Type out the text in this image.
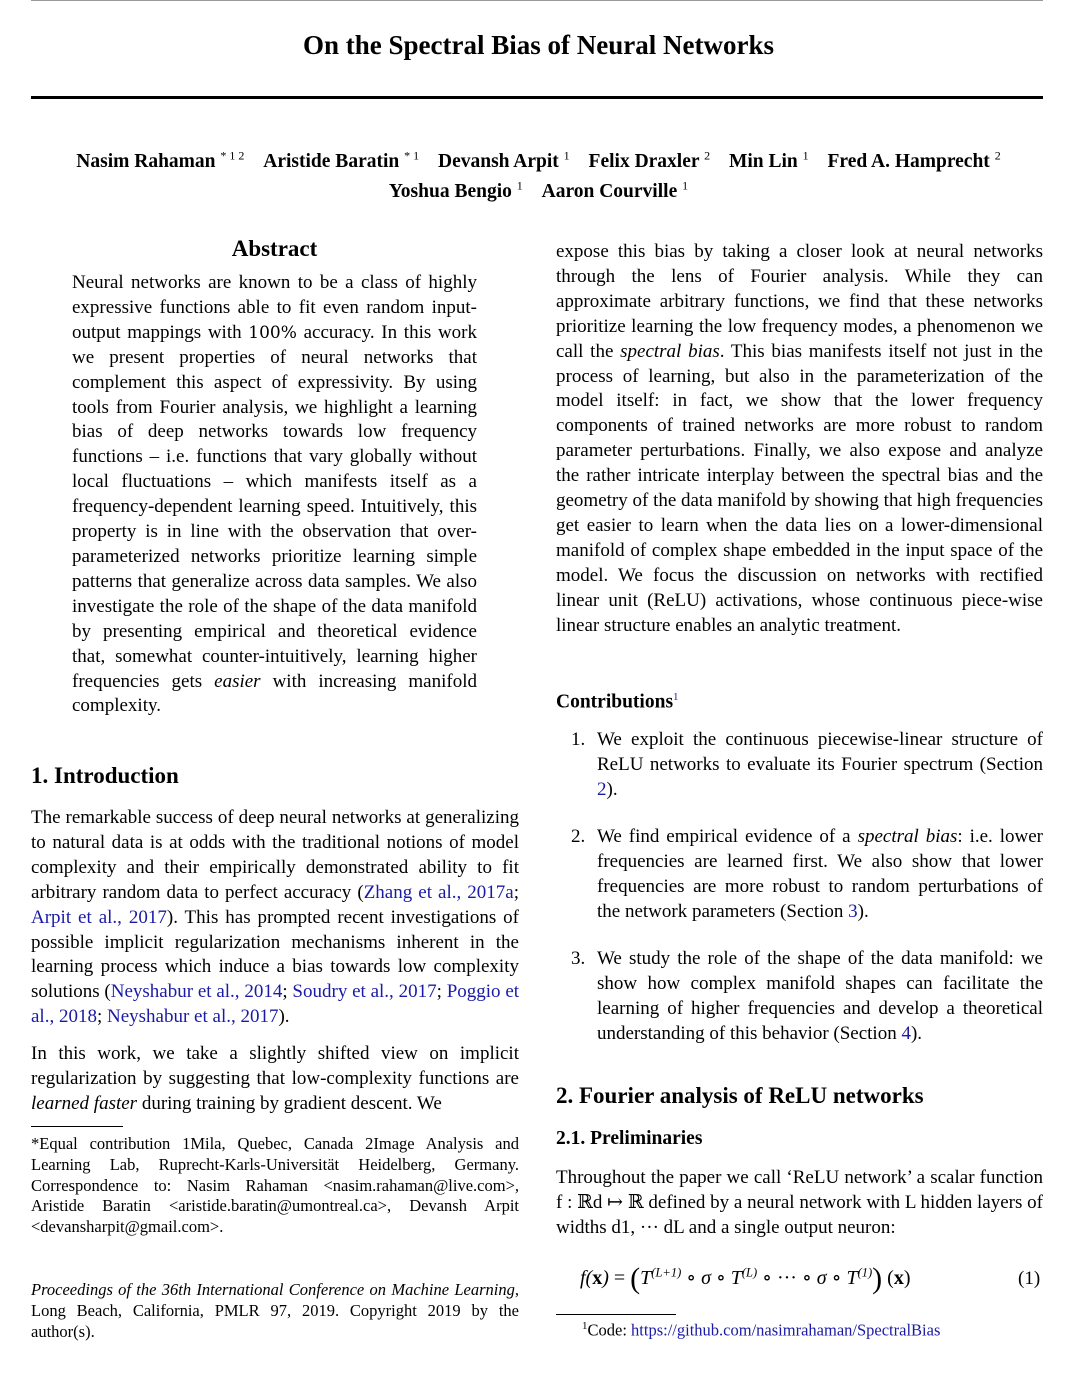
On the Spectral Bias of Neural Networks
Nasim Rahaman $^{* 1 2}$ Aristide Baratin $^{* 1}$ Devansh Arpit $^1$ Felix Draxler $^2$ Min Lin $^1$ Fred A. Hamprecht $^2$
Yoshua Bengio $^1$ Aaron Courville $^1$
Abstract
Neural networks are known to be a class of highly expressive functions able to fit even random input-output mappings with 100% accuracy. In this work we present properties of neural networks that complement this aspect of expressivity. By using tools from Fourier analysis, we highlight a learning bias of deep networks towards low frequency functions – i.e. functions that vary globally without local fluctuations – which manifests itself as a frequency-dependent learning speed. Intuitively, this property is in line with the observation that over-parameterized networks prioritize learning simple patterns that generalize across data samples. We also investigate the role of the shape of the data manifold by presenting empirical and theoretical evidence that, somewhat counter-intuitively, learning higher frequencies gets easier with increasing manifold complexity.
1. Introduction
The remarkable success of deep neural networks at generalizing to natural data is at odds with the traditional notions of model complexity and their empirically demonstrated ability to fit arbitrary random data to perfect accuracy (Zhang et al., 2017a; Arpit et al., 2017). This has prompted recent investigations of possible implicit regularization mechanisms inherent in the learning process which induce a bias towards low complexity solutions (Neyshabur et al., 2014; Soudry et al., 2017; Poggio et al., 2018; Neyshabur et al., 2017).
In this work, we take a slightly shifted view on implicit regularization by suggesting that low-complexity functions are learned faster during training by gradient descent. We
*Equal contribution 1Mila, Quebec, Canada 2Image Analysis and Learning Lab, Ruprecht-Karls-Universität Heidelberg, Germany. Correspondence to: Nasim Rahaman <nasim.rahaman@live.com>, Aristide Baratin <aristide.baratin@umontreal.ca>, Devansh Arpit <devansharpit@gmail.com>.
Proceedings of the 36th International Conference on Machine Learning, Long Beach, California, PMLR 97, 2019. Copyright 2019 by the author(s).
expose this bias by taking a closer look at neural networks through the lens of Fourier analysis. While they can approximate arbitrary functions, we find that these networks prioritize learning the low frequency modes, a phenomenon we call the spectral bias. This bias manifests itself not just in the process of learning, but also in the parameterization of the model itself: in fact, we show that the lower frequency components of trained networks are more robust to random parameter perturbations. Finally, we also expose and analyze the rather intricate interplay between the spectral bias and the geometry of the data manifold by showing that high frequencies get easier to learn when the data lies on a lower-dimensional manifold of complex shape embedded in the input space of the model. We focus the discussion on networks with rectified linear unit (ReLU) activations, whose continuous piece-wise linear structure enables an analytic treatment.
Contributions$^1$
1. We exploit the continuous piecewise-linear structure of ReLU networks to evaluate its Fourier spectrum (Section 2).
2. We find empirical evidence of a spectral bias: i.e. lower frequencies are learned first. We also show that lower frequencies are more robust to random perturbations of the network parameters (Section 3).
3. We study the role of the shape of the data manifold: we show how complex manifold shapes can facilitate the learning of higher frequencies and develop a theoretical understanding of this behavior (Section 4).
2. Fourier analysis of ReLU networks
2.1. Preliminaries
Throughout the paper we call ‘ReLU network’ a scalar function f : ℝd ↦ ℝ defined by a neural network with L hidden layers of widths d1, ··· dL and a single output neuron:
$f(x) = (T^{(L+1)}$ ∘ σ ∘ $T^{(L)}$ ∘ ··· ∘ σ ∘ $T^{(1)}$) (x)	(1)
$^1$Code: https://github.com/nasimrahaman/SpectralBias
